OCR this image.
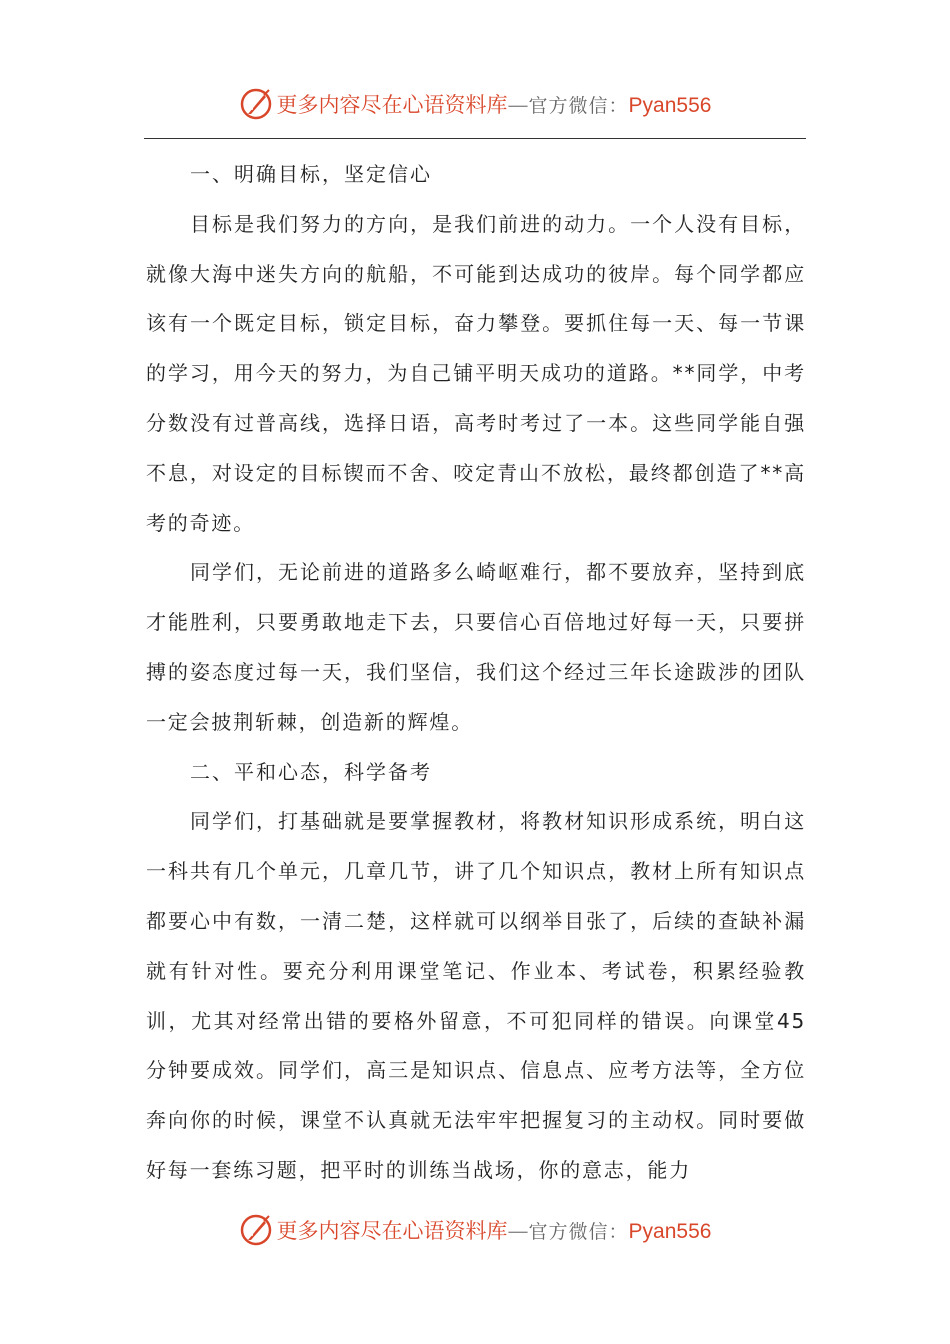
更多内容尽在心语资料库 — 官方微信： Pyan556

一、明确目标，坚定信心

目标是我们努力的方向，是我们前进的动力。一个人没有目标，就像大海中迷失方向的航船，不可能到达成功的彼岸。每个同学都应该有一个既定目标，锁定目标，奋力攀登。要抓住每一天、每一节课的学习，用今天的努力，为自己铺平明天成功的道路。**同学，中考分数没有过普高线，选择日语，高考时考过了一本。这些同学能自强不息，对设定的目标锲而不舍、咬定青山不放松，最终都创造了**高考的奇迹。

同学们，无论前进的道路多么崎岖难行，都不要放弃，坚持到底才能胜利，只要勇敢地走下去，只要信心百倍地过好每一天，只要拼搏的姿态度过每一天，我们坚信，我们这个经过三年长途跋涉的团队一定会披荆斩棘，创造新的辉煌。

二、平和心态，科学备考

同学们，打基础就是要掌握教材，将教材知识形成系统，明白这一科共有几个单元，几章几节，讲了几个知识点，教材上所有知识点都要心中有数，一清二楚，这样就可以纲举目张了，后续的查缺补漏就有针对性。要充分利用课堂笔记、作业本、考试卷，积累经验教训，尤其对经常出错的要格外留意，不可犯同样的错误。向课堂45分钟要成效。同学们，高三是知识点、信息点、应考方法等，全方位奔向你的时候，课堂不认真就无法牢牢把握复习的主动权。同时要做好每一套练习题，把平时的训练当战场，你的意志，能力

更多内容尽在心语资料库 — 官方微信： Pyan556
